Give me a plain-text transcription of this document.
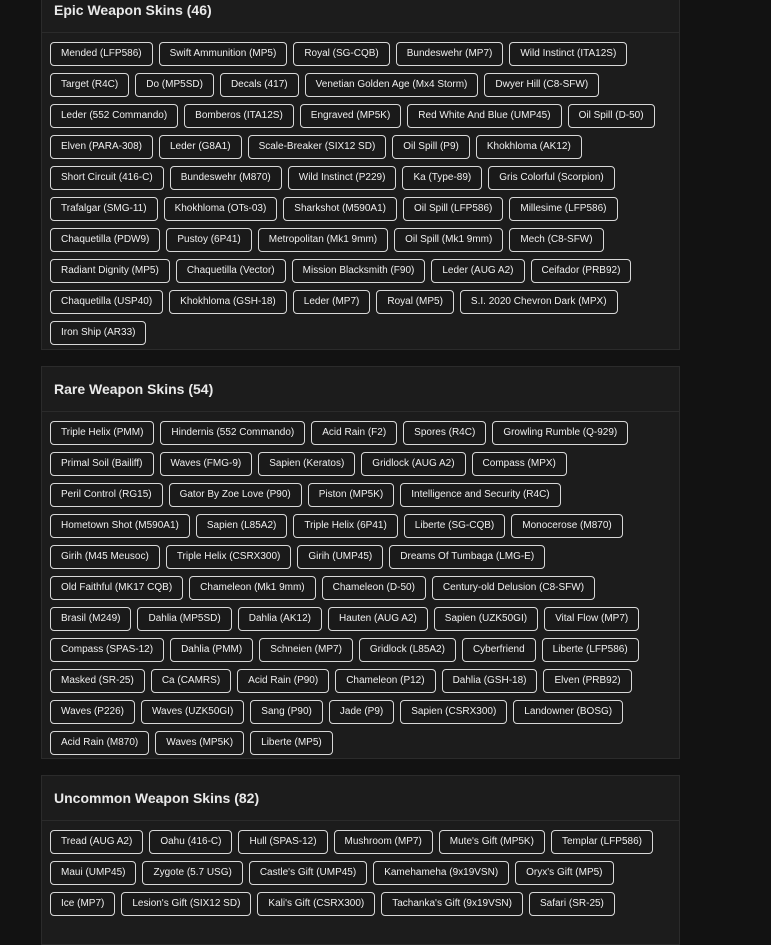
Epic Weapon Skins (46)
Mended (LFP586)	Swift Ammunition (MP5)	Royal (SG-CQB)	Bundeswehr (MP7)	Wild Instinct (ITA12S)
Target (R4C)	Do (MP5SD)	Decals (417)	Venetian Golden Age (Mx4 Storm)	Dwyer Hill (C8-SFW)
Leder (552 Commando)	Bomberos (ITA12S)	Engraved (MP5K)	Red White And Blue (UMP45)	Oil Spill (D-50)
Elven (PARA-308)	Leder (G8A1)	Scale-Breaker (SIX12 SD)	Oil Spill (P9)	Khokhloma (AK12)
Short Circuit (416-C)	Bundeswehr (M870)	Wild Instinct (P229)	Ka (Type-89)	Gris Colorful (Scorpion)
Trafalgar (SMG-11)	Khokhloma (OTs-03)	Sharkshot (M590A1)	Oil Spill (LFP586)	Millesime (LFP586)
Chaquetilla (PDW9)	Pustoy (6P41)	Metropolitan (Mk1 9mm)	Oil Spill (Mk1 9mm)	Mech (C8-SFW)
Radiant Dignity (MP5)	Chaquetilla (Vector)	Mission Blacksmith (F90)	Leder (AUG A2)	Ceifador (PRB92)
Chaquetilla (USP40)	Khokhloma (GSH-18)	Leder (MP7)	Royal (MP5)	S.I. 2020 Chevron Dark (MPX)
Iron Ship (AR33)
Rare Weapon Skins (54)
Triple Helix (PMM)	Hindernis (552 Commando)	Acid Rain (F2)	Spores (R4C)	Growling Rumble (Q-929)
Primal Soil (Bailiff)	Waves (FMG-9)	Sapien (Keratos)	Gridlock (AUG A2)	Compass (MPX)
Peril Control (RG15)	Gator By Zoe Love (P90)	Piston (MP5K)	Intelligence and Security (R4C)
Hometown Shot (M590A1)	Sapien (L85A2)	Triple Helix (6P41)	Liberte (SG-CQB)	Monocerose (M870)
Girih (M45 Meusoc)	Triple Helix (CSRX300)	Girih (UMP45)	Dreams Of Tumbaga (LMG-E)
Old Faithful (MK17 CQB)	Chameleon (Mk1 9mm)	Chameleon (D-50)	Century-old Delusion (C8-SFW)
Brasil (M249)	Dahlia (MP5SD)	Dahlia (AK12)	Hauten (AUG A2)	Sapien (UZK50GI)	Vital Flow (MP7)
Compass (SPAS-12)	Dahlia (PMM)	Schneien (MP7)	Gridlock (L85A2)	Cyberfriend	Liberte (LFP586)
Masked (SR-25)	Ca (CAMRS)	Acid Rain (P90)	Chameleon (P12)	Dahlia (GSH-18)	Elven (PRB92)
Waves (P226)	Waves (UZK50GI)	Sang (P90)	Jade (P9)	Sapien (CSRX300)	Landowner (BOSG)
Acid Rain (M870)	Waves (MP5K)	Liberte (MP5)
Uncommon Weapon Skins (82)
Tread (AUG A2)	Oahu (416-C)	Hull (SPAS-12)	Mushroom (MP7)	Mute's Gift (MP5K)	Templar (LFP586)
Maui (UMP45)	Zygote (5.7 USG)	Castle's Gift (UMP45)	Kamehameha (9x19VSN)	Oryx's Gift (MP5)
Ice (MP7)	Lesion's Gift (SIX12 SD)	Kali's Gift (CSRX300)	Tachanka's Gift (9x19VSN)	Safari (SR-25)
